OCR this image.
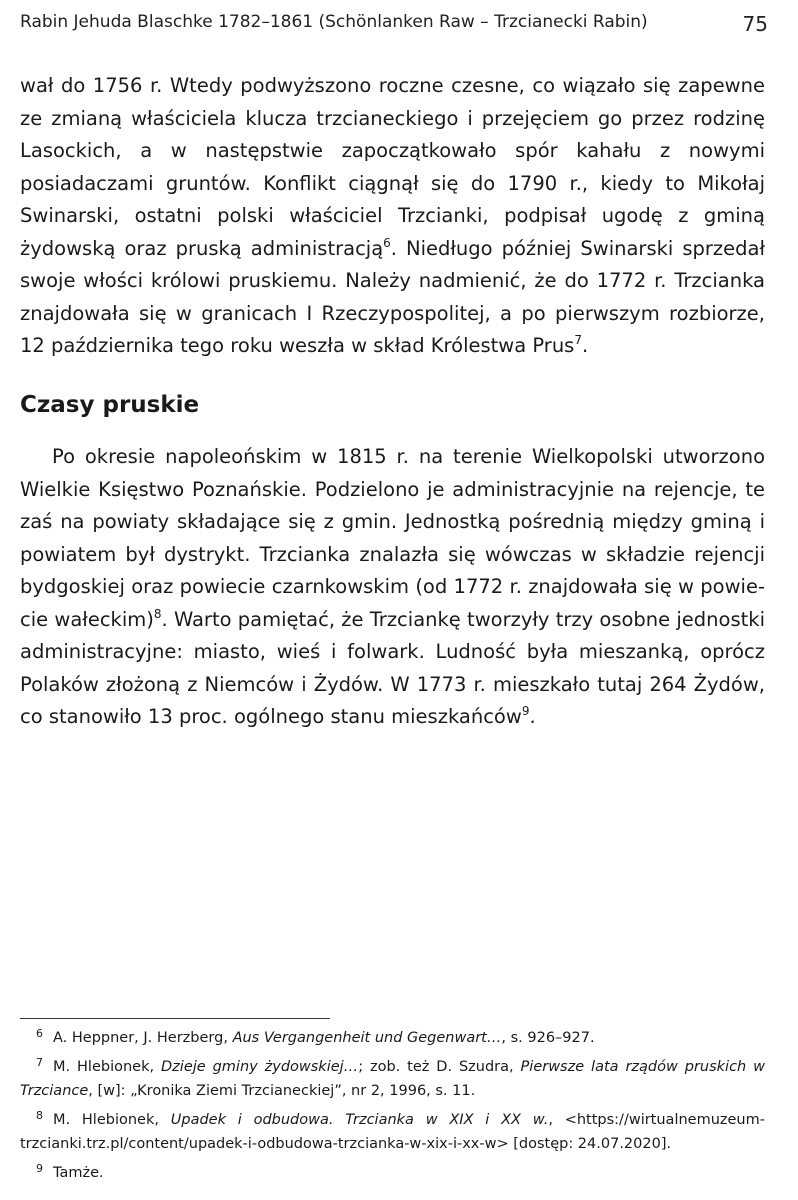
Rabin Jehuda Blaschke 1782–1861 (Schönlanken Raw – Trzcianecki Rabin)	75

wał do 1756 r. Wtedy podwyższono roczne czesne, co wiązało się zapewne ze zmianą właściciela klucza trzcianeckiego i przejęciem go przez rodzinę Lasockich, a w następstwie zapoczątkowało spór kahału z nowymi posiadaczami gruntów. Konflikt ciągnął się do 1790 r., kiedy to Mikołaj Swinarski, ostatni polski właściciel Trzcianki, podpisał ugodę z gminą żydowską oraz pruską administracją$^6$. Niedługo później Swinarski sprzedał swoje włości królowi pruskiemu. Należy nadmienić, że do 1772 r. Trzcianka znajdowała się w granicach I Rzeczypospolitej, a po pierwszym rozbiorze, 12 października tego roku weszła w skład Królestwa Prus$^7$.

Czasy pruskie

Po okresie napoleońskim w 1815 r. na terenie Wielkopolski utworzono Wielkie Księstwo Poznańskie. Podzielono je administracyjnie na rejencje, te zaś na powiaty składające się z gmin. Jednostką pośrednią między gminą i powiatem był dystrykt. Trzcianka znalazła się wówczas w składzie rejencji bydgoskiej oraz powiecie czarnkowskim (od 1772 r. znajdowała się w powiecie wałeckim)$^8$. Warto pamiętać, że Trzciankę tworzyły trzy osobne jednostki administracyjne: miasto, wieś i folwark. Ludność była mieszanką, oprócz Polaków złożoną z Niemców i Żydów. W 1773 r. mieszkało tutaj 264 Żydów, co stanowiło 13 proc. ogólnego stanu mieszkańców$^9$.

$^6$ A. Heppner, J. Herzberg, Aus Vergangenheit und Gegenwart…, s. 926–927.

$^7$ M. Hlebionek, Dzieje gminy żydowskiej…; zob. też D. Szudra, Pierwsze lata rządów pruskich w Trzciance, [w]: „Kronika Ziemi Trzcianeckiej”, nr 2, 1996, s. 11.

$^8$ M. Hlebionek, Upadek i odbudowa. Trzcianka w XIX i XX w., <https://wirtualnemuzeum-trzcianki.trz.pl/content/upadek-i-odbudowa-trzcianka-w-xix-i-xx-w> [dostęp: 24.07.2020].

$^9$ Tamże.
